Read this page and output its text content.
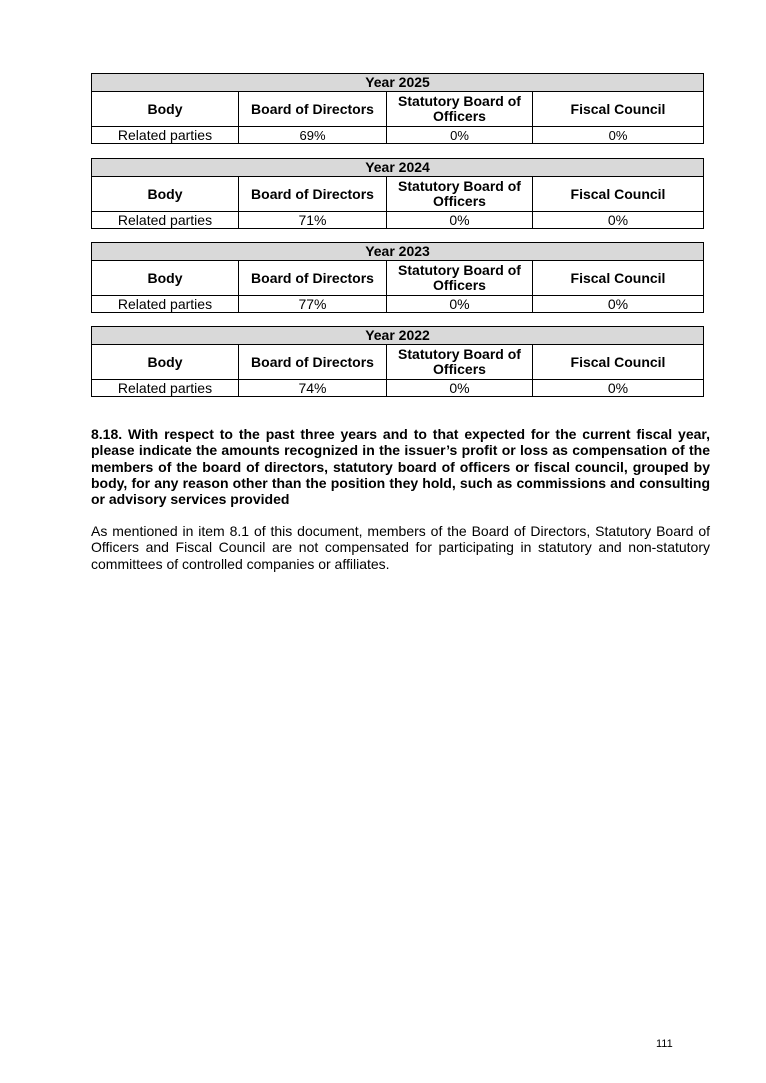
Year 2025			
Body	Board of Directors	Statutory Board of Officers	Fiscal Council
Related parties	69%	0%	0%
Year 2024			
Body	Board of Directors	Statutory Board of Officers	Fiscal Council
Related parties	71%	0%	0%
Year 2023			
Body	Board of Directors	Statutory Board of Officers	Fiscal Council
Related parties	77%	0%	0%
Year 2022			
Body	Board of Directors	Statutory Board of Officers	Fiscal Council
Related parties	74%	0%	0%

8.18. With respect to the past three years and to that expected for the current fiscal year, please indicate the amounts recognized in the issuer’s profit or loss as compensation of the members of the board of directors, statutory board of officers or fiscal council, grouped by body, for any reason other than the position they hold, such as commissions and consulting or advisory services provided

As mentioned in item 8.1 of this document, members of the Board of Directors, Statutory Board of Officers and Fiscal Council are not compensated for participating in statutory and non-statutory committees of controlled companies or affiliates.

111
